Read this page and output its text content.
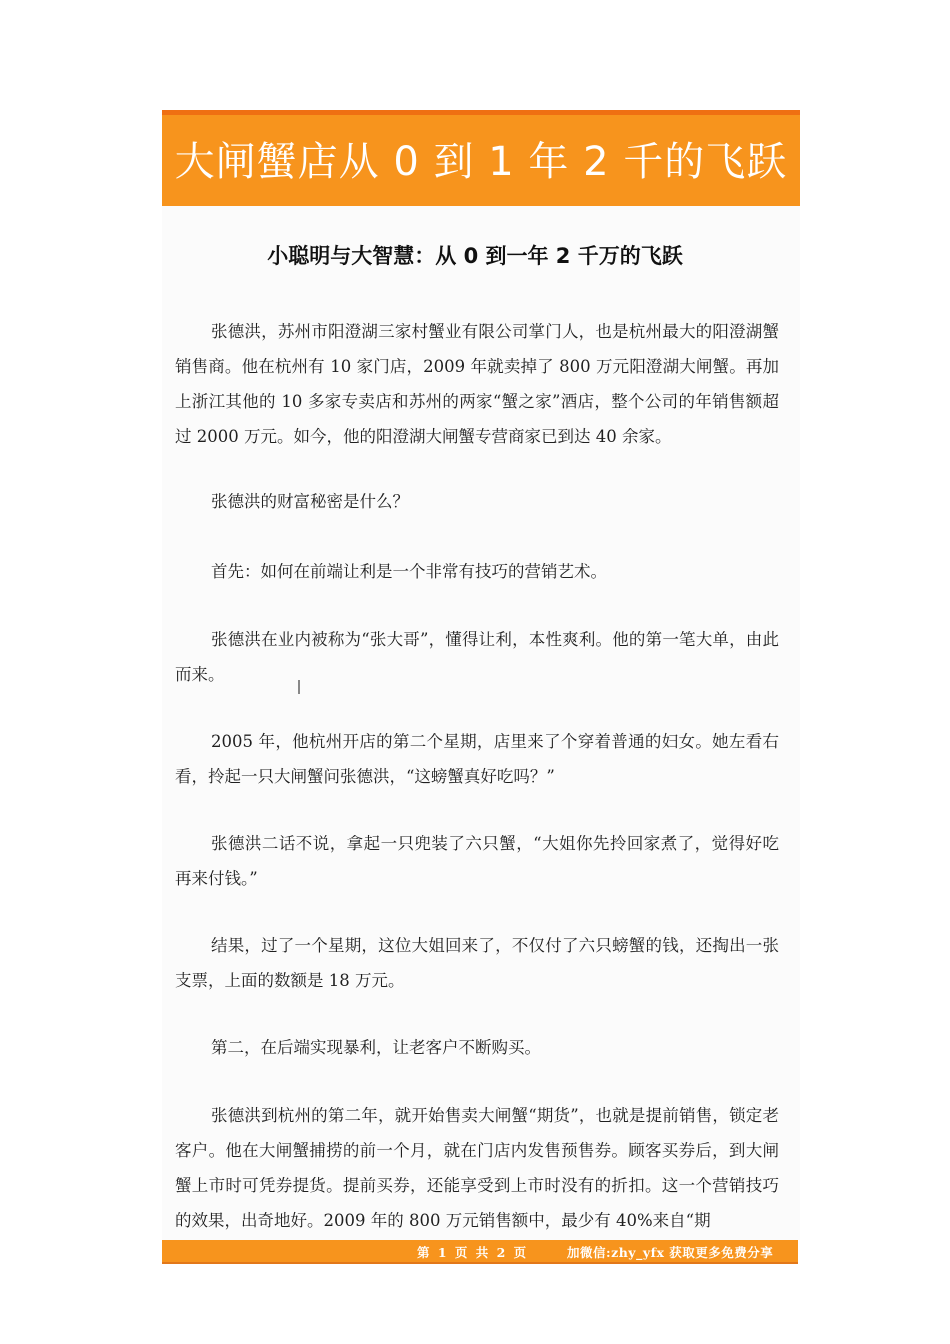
大闸蟹店从 0 到 1 年 2 千的飞跃
小聪明与大智慧：从 0 到一年 2 千万的飞跃

张德洪，苏州市阳澄湖三家村蟹业有限公司掌门人，也是杭州最大的阳澄湖蟹销售商。他在杭州有 10 家门店，2009 年就卖掉了 800 万元阳澄湖大闸蟹。再加上浙江其他的 10 多家专卖店和苏州的两家“蟹之家”酒店，整个公司的年销售额超过 2000 万元。如今，他的阳澄湖大闸蟹专营商家已到达 40 余家。

张德洪的财富秘密是什么？

首先：如何在前端让利是一个非常有技巧的营销艺术。

张德洪在业内被称为“张大哥”，懂得让利，本性爽利。他的第一笔大单，由此而来。

2005 年，他杭州开店的第二个星期，店里来了个穿着普通的妇女。她左看右看，拎起一只大闸蟹问张德洪，“这螃蟹真好吃吗？”

张德洪二话不说，拿起一只兜装了六只蟹，“大姐你先拎回家煮了，觉得好吃再来付钱。”

结果，过了一个星期，这位大姐回来了，不仅付了六只螃蟹的钱，还掏出一张支票，上面的数额是 18 万元。

第二，在后端实现暴利，让老客户不断购买。

张德洪到杭州的第二年，就开始售卖大闸蟹“期货”，也就是提前销售，锁定老客户。他在大闸蟹捕捞的前一个月，就在门店内发售预售券。顾客买券后，到大闸蟹上市时可凭券提货。提前买券，还能享受到上市时没有的折扣。这一个营销技巧的效果，出奇地好。2009 年的 800 万元销售额中，最少有 40%来自“期

第 1 页 共 2 页	加微信:zhy_yfx 获取更多免费分享
